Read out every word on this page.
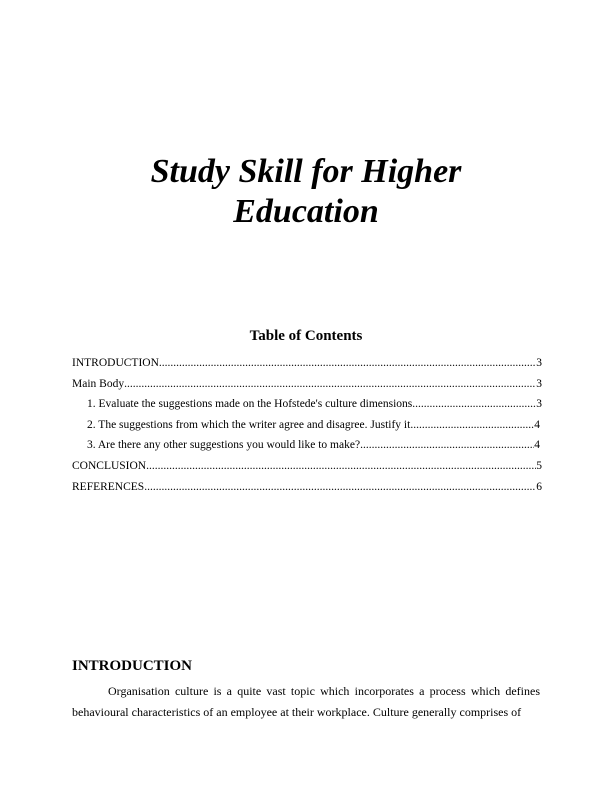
Study Skill for Higher
Education
Table of Contents
INTRODUCTION .....	3
Main Body .....	3
1. Evaluate the suggestions made on the Hofstede's culture dimensions .....	3
2. The suggestions from which the writer agree and disagree. Justify it .....	4
3. Are there any other suggestions you would like to make? .....	4
CONCLUSION .....	5
REFERENCES .....	6
INTRODUCTION
Organisation culture is a quite vast topic which incorporates a process which defines behavioural characteristics of an employee at their workplace. Culture generally comprises of
